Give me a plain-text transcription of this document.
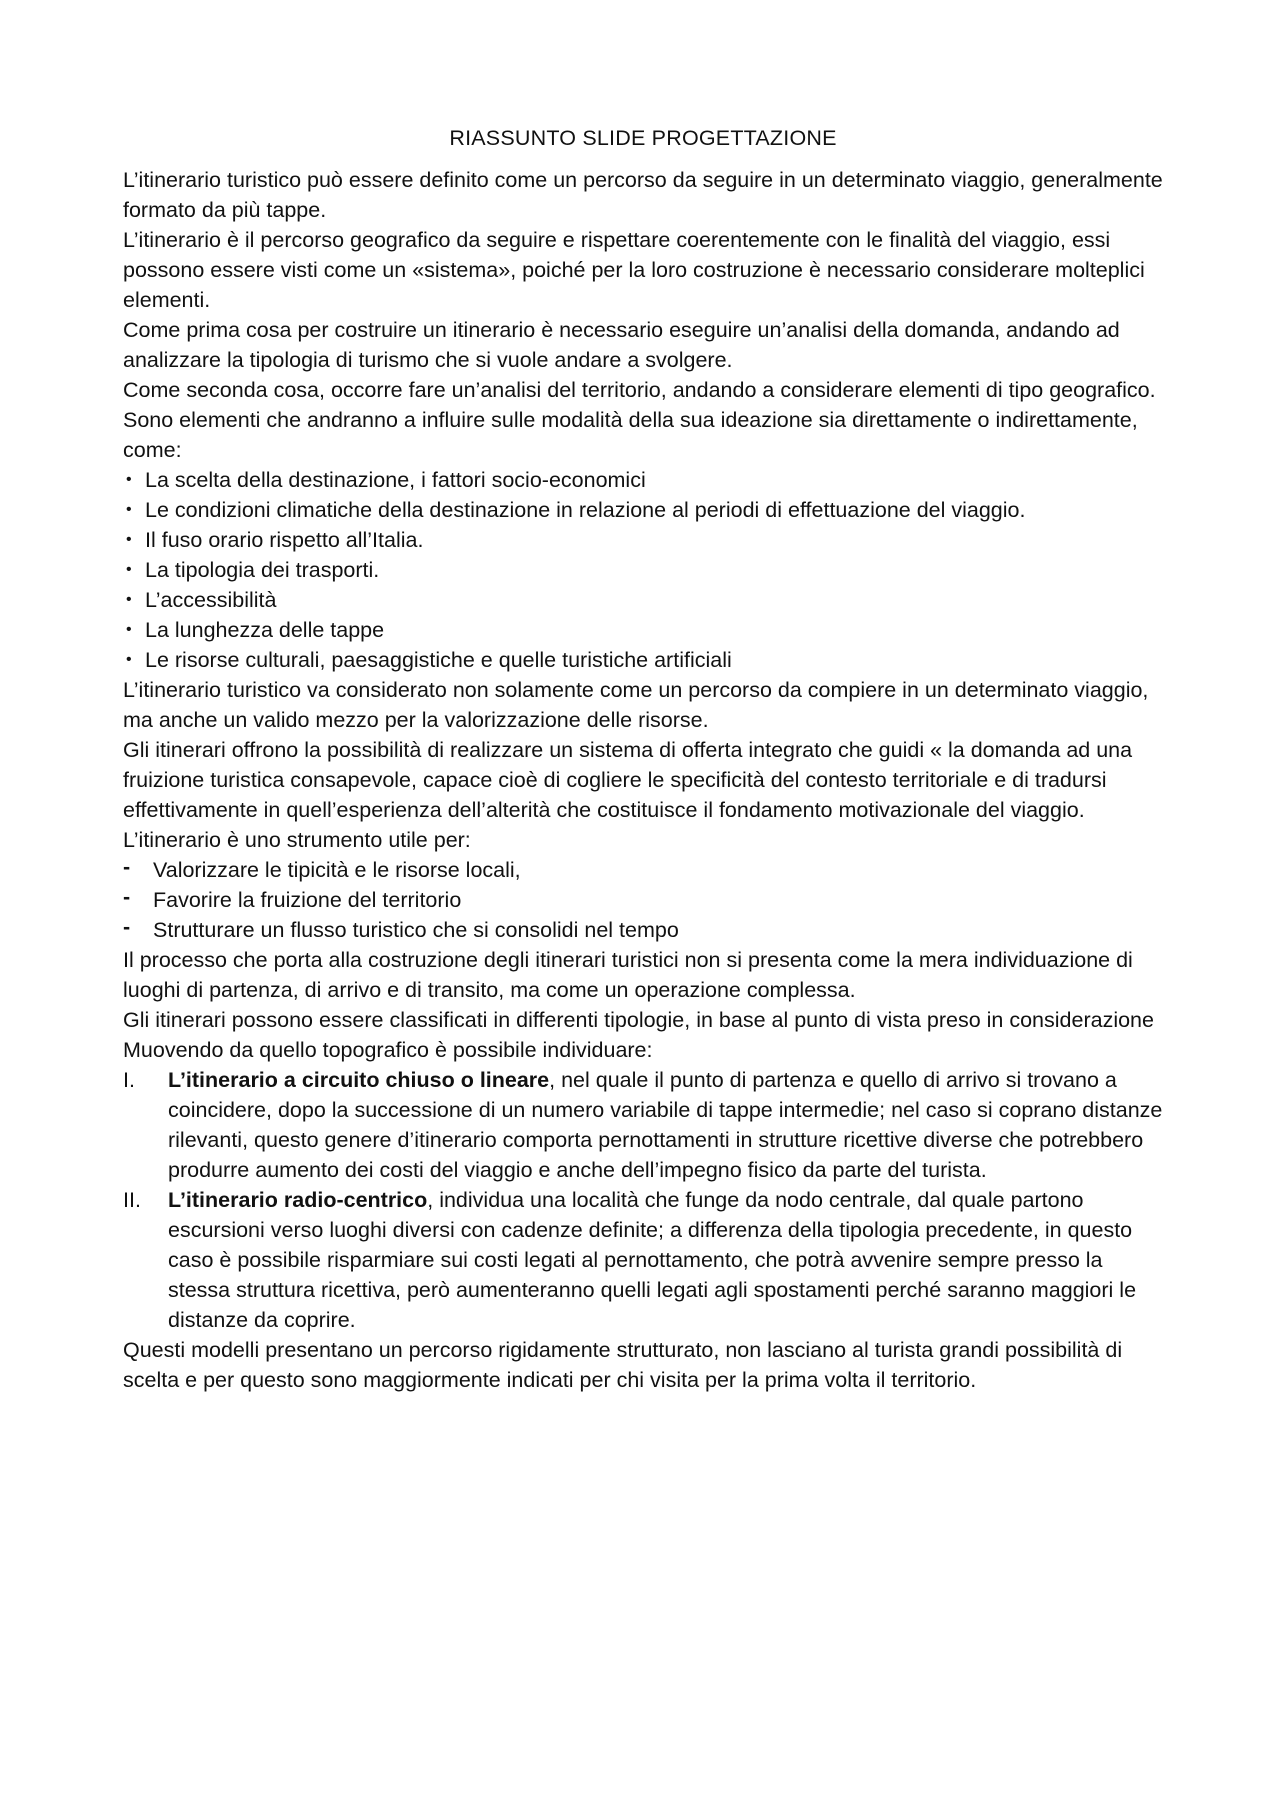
RIASSUNTO SLIDE PROGETTAZIONE

L’itinerario turistico può essere definito come un percorso da seguire in un determinato viaggio, generalmente formato da più tappe.

L’itinerario è il percorso geografico da seguire e rispettare coerentemente con le finalità del viaggio, essi possono essere visti come un «sistema», poiché per la loro costruzione è necessario considerare molteplici elementi.

Come prima cosa per costruire un itinerario è necessario eseguire un’analisi della domanda, andando ad analizzare la tipologia di turismo che si vuole andare a svolgere.

Come seconda cosa, occorre fare un’analisi del territorio, andando a considerare elementi di tipo geografico. Sono elementi che andranno a influire sulle modalità della sua ideazione sia direttamente o indirettamente, come:

• La scelta della destinazione, i fattori socio-economici
• Le condizioni climatiche della destinazione in relazione al periodi di effettuazione del viaggio.
• Il fuso orario rispetto all’Italia.
• La tipologia dei trasporti.
• L’accessibilità
• La lunghezza delle tappe
• Le risorse culturali, paesaggistiche e quelle turistiche artificiali

L’itinerario turistico va considerato non solamente come un percorso da compiere in un determinato viaggio, ma anche un valido mezzo per la valorizzazione delle risorse.

Gli itinerari offrono la possibilità di realizzare un sistema di offerta integrato che guidi « la domanda ad una fruizione turistica consapevole, capace cioè di cogliere le specificità del contesto territoriale e di tradursi effettivamente in quell’esperienza dell’alterità che costituisce il fondamento motivazionale del viaggio.

L’itinerario è uno strumento utile per:

- Valorizzare le tipicità e le risorse locali,
- Favorire la fruizione del territorio
- Strutturare un flusso turistico che si consolidi nel tempo

Il processo che porta alla costruzione degli itinerari turistici non si presenta come la mera individuazione di luoghi di partenza, di arrivo e di transito, ma come un operazione complessa.

Gli itinerari possono essere classificati in differenti tipologie, in base al punto di vista preso in considerazione

Muovendo da quello topografico è possibile individuare:

I. L’itinerario a circuito chiuso o lineare, nel quale il punto di partenza e quello di arrivo si trovano a coincidere, dopo la successione di un numero variabile di tappe intermedie; nel caso si coprano distanze rilevanti, questo genere d’itinerario comporta pernottamenti in strutture ricettive diverse che potrebbero produrre aumento dei costi del viaggio e anche dell’impegno fisico da parte del turista.
II. L’itinerario radio-centrico, individua una località che funge da nodo centrale, dal quale partono escursioni verso luoghi diversi con cadenze definite; a differenza della tipologia precedente, in questo caso è possibile risparmiare sui costi legati al pernottamento, che potrà avvenire sempre presso la stessa struttura ricettiva, però aumenteranno quelli legati agli spostamenti perché saranno maggiori le distanze da coprire.

Questi modelli presentano un percorso rigidamente strutturato, non lasciano al turista grandi possibilità di scelta e per questo sono maggiormente indicati per chi visita per la prima volta il territorio.
